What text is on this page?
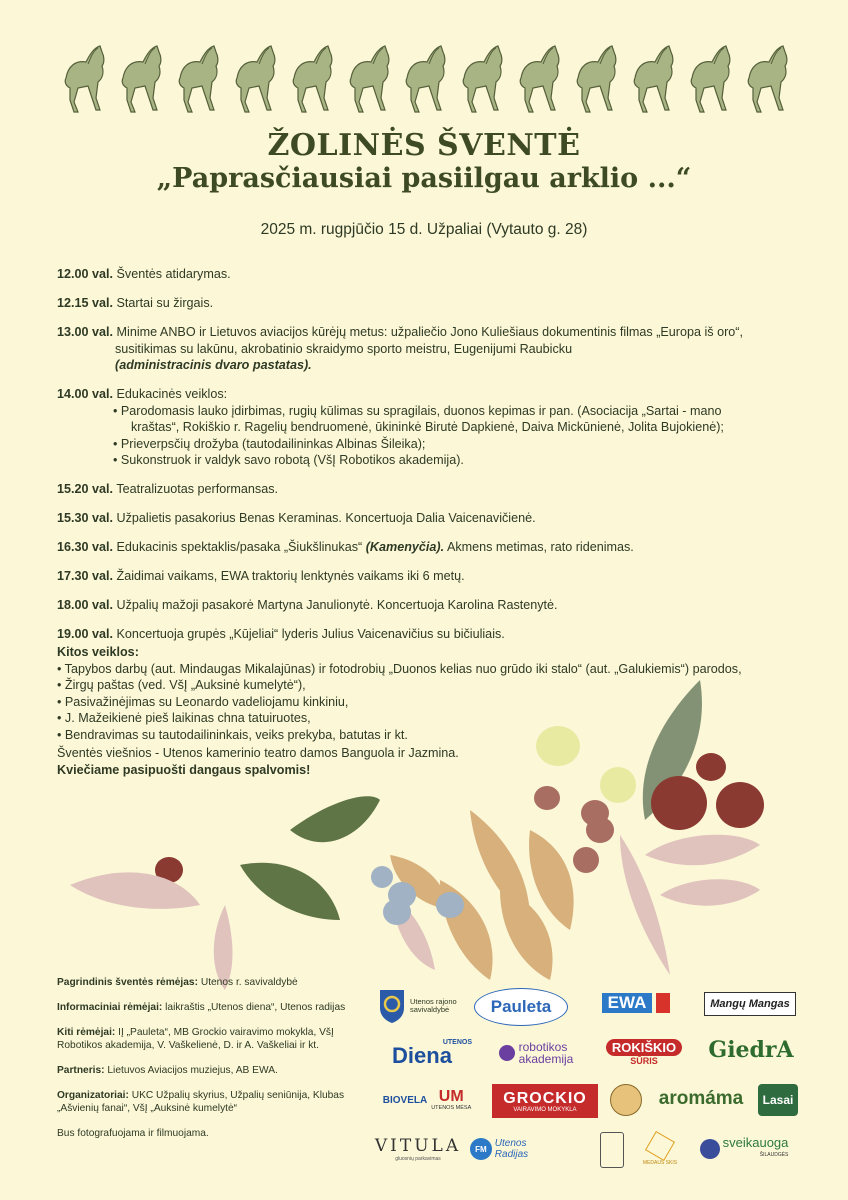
ŽOLINĖS ŠVENTĖ
„Paprasčiausiai pasiilgau arklio ...“
2025 m. rugpjūčio 15 d. Užpaliai (Vytauto g. 28)
12.00 val. Šventės atidarymas.
12.15 val. Startai su žirgais.
13.00 val. Minime ANBO ir Lietuvos aviacijos kūrėjų metus: užpaliečio Jono Kuliešiaus dokumentinis filmas „Europa iš oro“,
susitikimas su lakūnu, akrobatinio skraidymo sporto meistru, Eugenijumi Raubicku
(administracinis dvaro pastatas).
14.00 val. Edukacinės veiklos:
• Parodomasis lauko įdirbimas, rugių kūlimas su spragilais, duonos kepimas ir pan. (Asociacija „Sartai - mano
kraštas“, Rokiškio r. Ragelių bendruomenė, ūkininkė Birutė Dapkienė, Daiva Mickūnienė, Jolita Bujokienė);
• Prieverpsčių drožyba (tautodailininkas Albinas Šileika);
• Sukonstruok ir valdyk savo robotą (VšĮ Robotikos akademija).
15.20 val. Teatralizuotas performansas.
15.30 val. Užpalietis pasakorius Benas Keraminas. Koncertuoja Dalia Vaicenavičienė.
16.30 val. Edukacinis spektaklis/pasaka „Šiukšlinukas“ (Kamenyčia). Akmens metimas, rato ridenimas.
17.30 val. Žaidimai vaikams, EWA traktorių lenktynės vaikams iki 6 metų.
18.00 val. Užpalių mažoji pasakorė Martyna Janulionytė. Koncertuoja Karolina Rastenytė.
19.00 val. Koncertuoja grupės „Kūjeliai“ lyderis Julius Vaicenavičius su bičiuliais.
Kitos veiklos:
• Tapybos darbų (aut. Mindaugas Mikalajūnas) ir fotodrobių „Duonos kelias nuo grūdo iki stalo“ (aut. „Galukiemis“) parodos,
• Žirgų paštas (ved. VšĮ „Auksinė kumelytė“),
• Pasivažinėjimas su Leonardo vadeliojamu kinkiniu,
• J. Mažeikienė pieš laikinas chna tatuiruotes,
• Bendravimas su tautodailininkais, veiks prekyba, batutas ir kt.
Šventės viešnios - Utenos kamerinio teatro damos Banguola ir Jazmina.
Kviečiame pasipuošti dangaus spalvomis!

Pagrindinis šventės rėmėjas: Utenos r. savivaldybė

Informaciniai rėmėjai: laikraštis „Utenos diena“, Utenos radijas

Kiti rėmėjai: IĮ „Pauleta“, MB Grockio vairavimo mokykla, VšĮ Robotikos akademija, V. Vaškelienė, D. ir A. Vaškeliai ir kt.

Partneris: Lietuvos Aviacijos muziejus, AB EWA.

Organizatoriai: UKC Užpalių skyrius, Užpalių seniūnija, Klubas „Ašvienių fanai“, VšĮ „Auksinė kumelytė“

Bus fotografuojama ir filmuojama.

Utenos rajono savivaldybė	Pauleta	EWA	Mangų Mangas
UTENOS
Diena	robotikos
akademija
ROKIŠKIO
SŪRIS GiedrA
BIOVELA UM
UTENOS MĖSA
GROCKIO
VAIRAVIMO MOKYKLA
aromáma Lasai
VITULA
gluosnių parkavimas
FM Utenos Radijas
MEDAUS SKIS
sveikauoga
ŠILAUDGĖS
